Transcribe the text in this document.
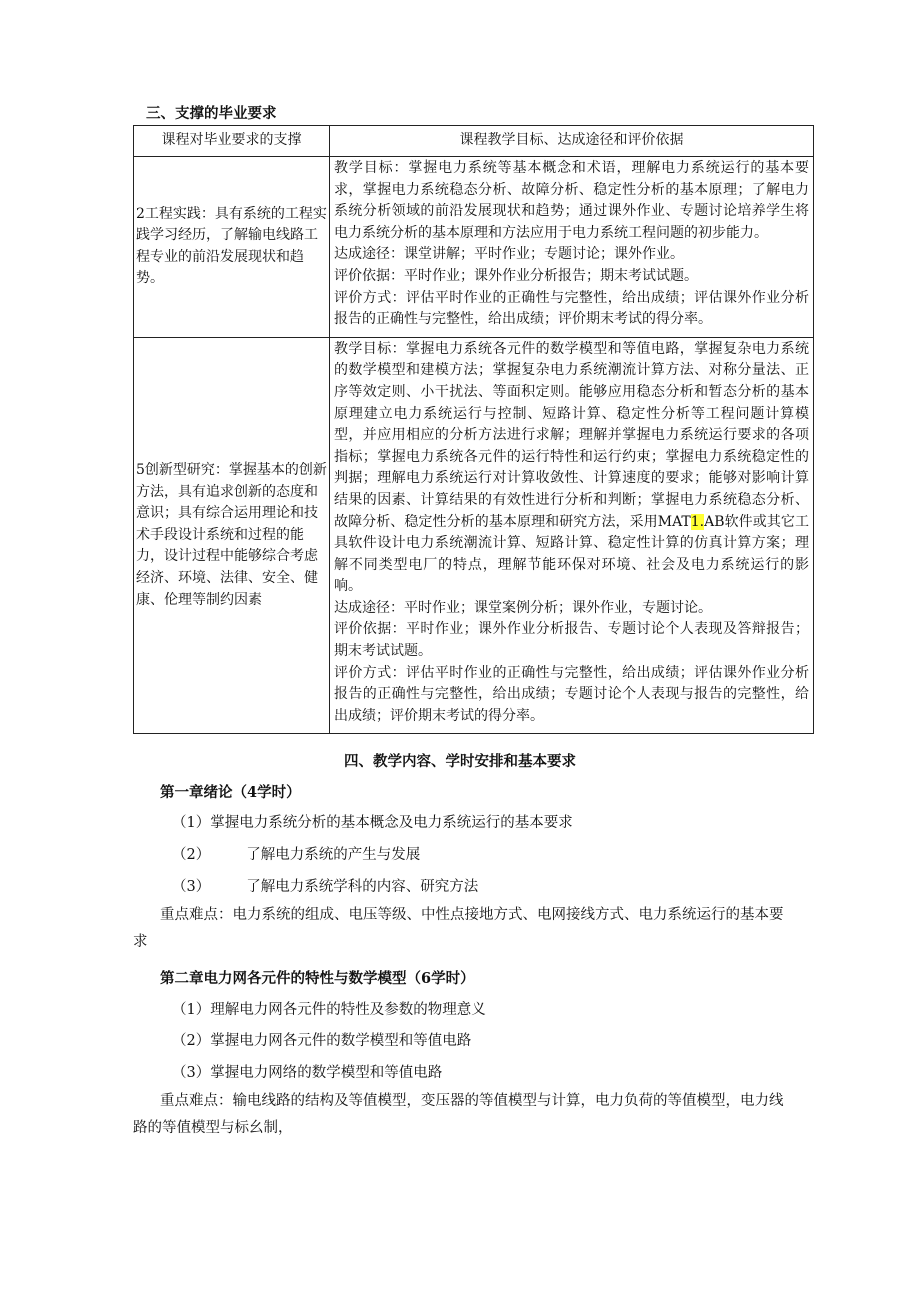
三、支撑的毕业要求

课程对毕业要求的支撑	课程教学目标、达成途径和评价依据
2工程实践：具有系统的工程实践学习经历，了解输电线路工程专业的前沿发展现状和趋势。	教学目标：掌握电力系统等基本概念和术语，理解电力系统运行的基本要求，掌握电力系统稳态分析、故障分析、稳定性分析的基本原理；了解电力系统分析领域的前沿发展现状和趋势；通过课外作业、专题讨论培养学生将电力系统分析的基本原理和方法应用于电力系统工程问题的初步能力。
达成途径：课堂讲解；平时作业；专题讨论；课外作业。
评价依据：平时作业；课外作业分析报告；期末考试试题。
评价方式：评估平时作业的正确性与完整性，给出成绩；评估课外作业分析报告的正确性与完整性，给出成绩；评价期末考试的得分率。

5创新型研究：掌握基本的创新方法，具有追求创新的态度和意识；具有综合运用理论和技术手段设计系统和过程的能力，设计过程中能够综合考虑经济、环境、法律、安全、健康、伦理等制约因素	教学目标：掌握电力系统各元件的数学模型和等值电路，掌握复杂电力系统的数学模型和建模方法；掌握复杂电力系统潮流计算方法、对称分量法、正序等效定则、小干扰法、等面积定则。能够应用稳态分析和暂态分析的基本原理建立电力系统运行与控制、短路计算、稳定性分析等工程问题计算模型，并应用相应的分析方法进行求解；理解并掌握电力系统运行要求的各项指标；掌握电力系统各元件的运行特性和运行约束；掌握电力系统稳定性的判据；理解电力系统运行对计算收敛性、计算速度的要求；能够对影响计算结果的因素、计算结果的有效性进行分析和判断；掌握电力系统稳态分析、故障分析、稳定性分析的基本原理和研究方法，采用MAT1.AB软件或其它工具软件设计电力系统潮流计算、短路计算、稳定性计算的仿真计算方案；理解不同类型电厂的特点，理解节能环保对环境、社会及电力系统运行的影响。
达成途径：平时作业；课堂案例分析；课外作业，专题讨论。
评价依据：平时作业；课外作业分析报告、专题讨论个人表现及答辩报告；期末考试试题。
评价方式：评估平时作业的正确性与完整性，给出成绩；评估课外作业分析报告的正确性与完整性，给出成绩；专题讨论个人表现与报告的完整性，给出成绩；评价期末考试的得分率。

四、教学内容、学时安排和基本要求

第一章绪论（4学时）

（1）掌握电力系统分析的基本概念及电力系统运行的基本要求

（2） 了解电力系统的产生与发展

（3） 了解电力系统学科的内容、研究方法

重点难点：电力系统的组成、电压等级、中性点接地方式、电网接线方式、电力系统运行的基本要求

第二章电力网各元件的特性与数学模型（6学时）

（1）理解电力网各元件的特性及参数的物理意义

（2）掌握电力网各元件的数学模型和等值电路

（3）掌握电力网络的数学模型和等值电路

重点难点：输电线路的结构及等值模型，变压器的等值模型与计算，电力负荷的等值模型，电力线路的等值模型与标幺制，
